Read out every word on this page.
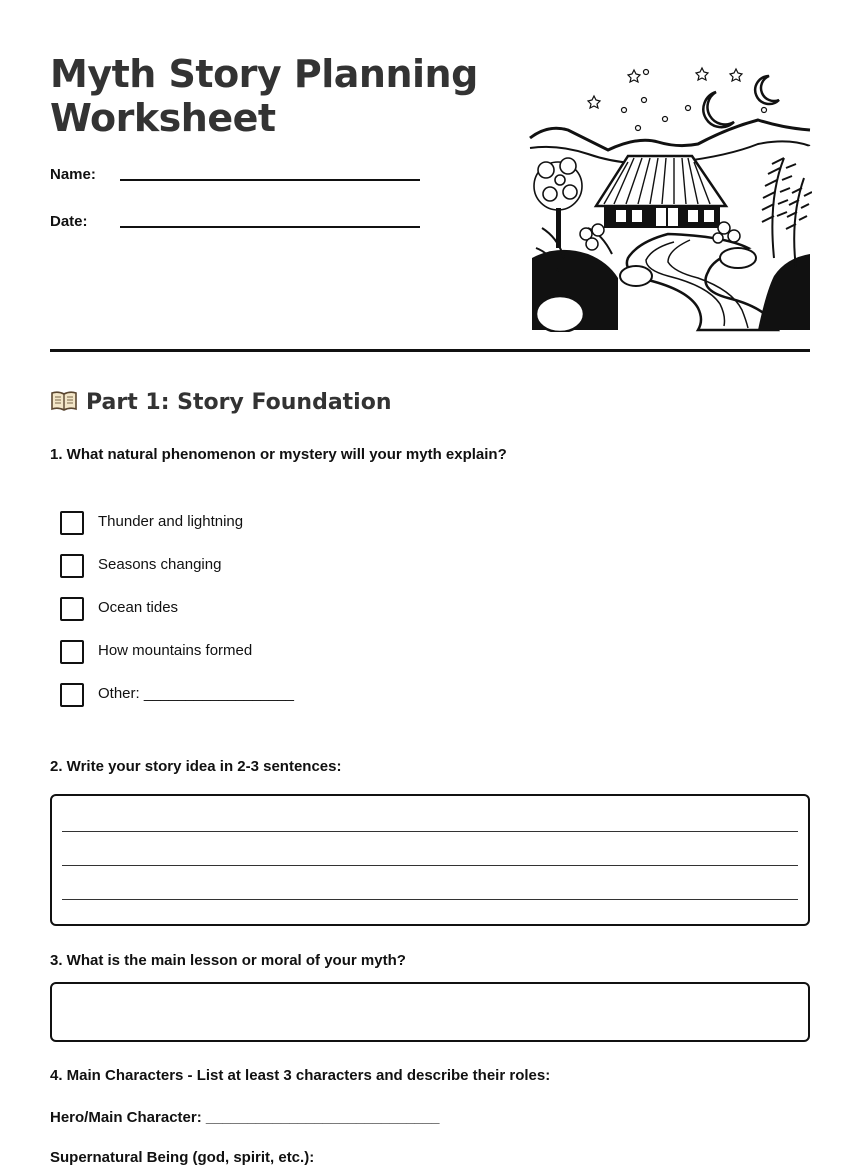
Myth Story Planning
Worksheet
Name:
Date:
Part 1: Story Foundation
1. What natural phenomenon or mystery will your myth explain?
Thunder and lightning
Seasons changing
Ocean tides
How mountains formed
Other: __________________
2. Write your story idea in 2-3 sentences:
3. What is the main lesson or moral of your myth?
4. Main Characters - List at least 3 characters and describe their roles:
Hero/Main Character: ____________________________
Supernatural Being (god, spirit, etc.):
